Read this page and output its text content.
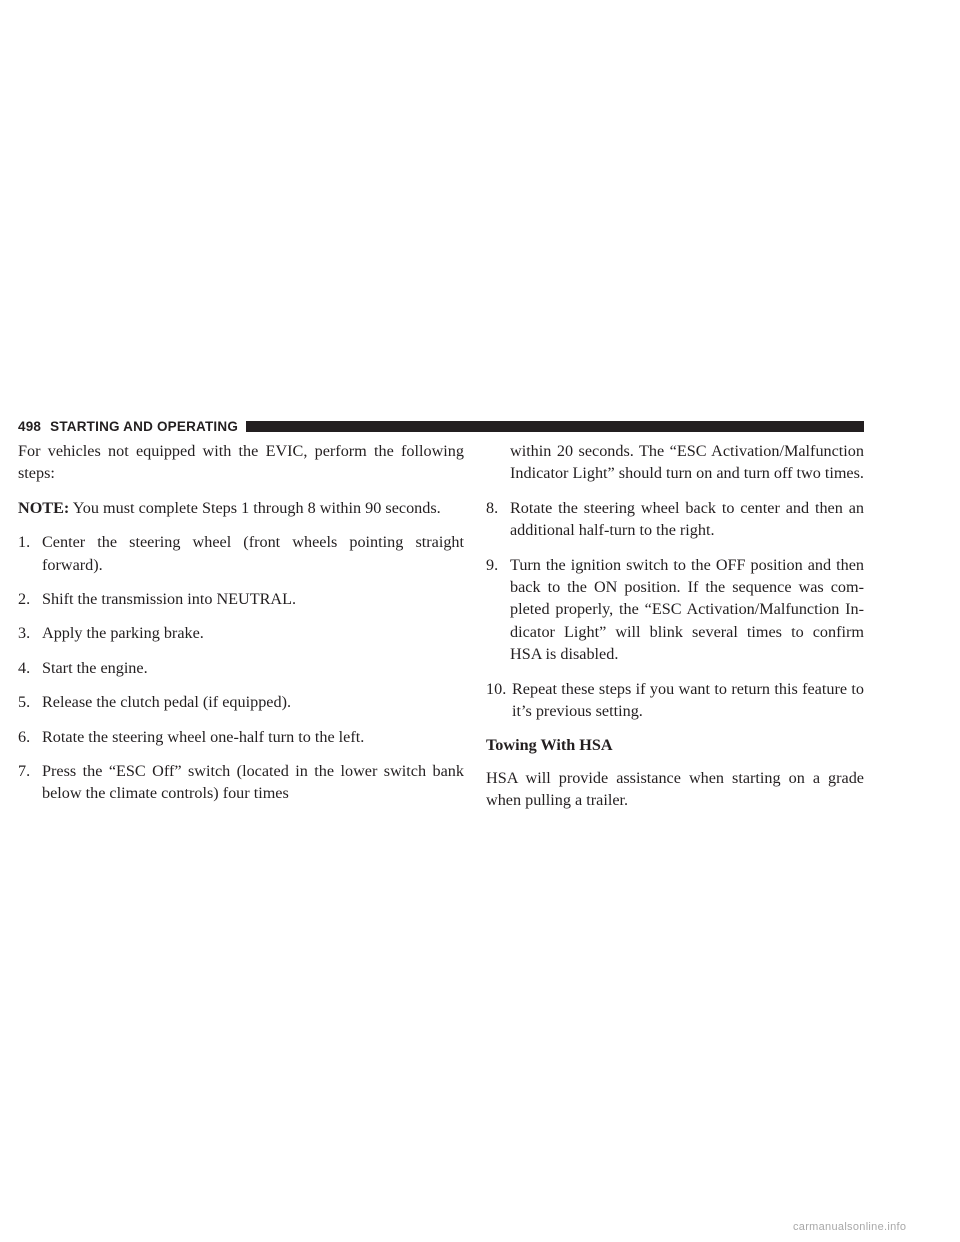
498 STARTING AND OPERATING

For vehicles not equipped with the EVIC, perform the following steps:

NOTE: You must complete Steps 1 through 8 within 90 seconds.

1. Center the steering wheel (front wheels pointing straight forward).
2. Shift the transmission into NEUTRAL.
3. Apply the parking brake.
4. Start the engine.
5. Release the clutch pedal (if equipped).
6. Rotate the steering wheel one-half turn to the left.
7. Press the “ESC Off” switch (located in the lower switch bank below the climate controls) four times
within 20 seconds. The “ESC Activation/Malfunction Indicator Light” should turn on and turn off two times.
8. Rotate the steering wheel back to center and then an additional half-turn to the right.
9. Turn the ignition switch to the OFF position and then back to the ON position. If the sequence was com- pleted properly, the “ESC Activation/Malfunction In- dicator Light” will blink several times to confirm HSA is disabled.
10. Repeat these steps if you want to return this feature to it’s previous setting.
Towing With HSA

HSA will provide assistance when starting on a grade when pulling a trailer.

carmanualsonline.info
